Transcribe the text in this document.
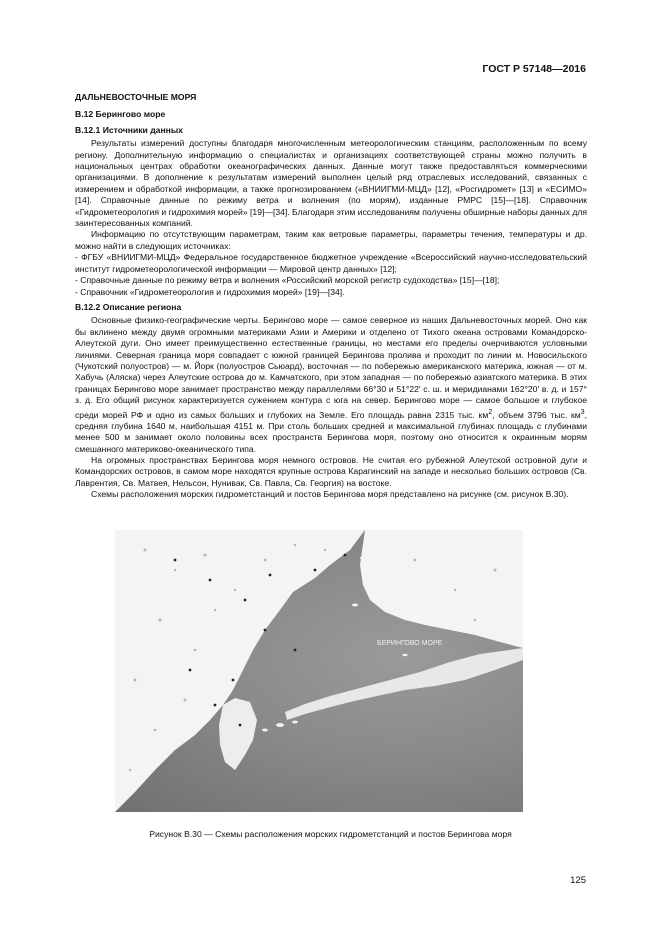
ГОСТ Р 57148—2016
ДАЛЬНЕВОСТОЧНЫЕ МОРЯ
В.12 Берингово море
В.12.1 Источники данных

Результаты измерений доступны благодаря многочисленным метеорологическим станциям, расположенным по всему региону. Дополнительную информацию о специалистах и организациях соответствующей страны можно получить в национальных центрах обработки океанографических данных. Данные могут также предоставляться коммерческими организациями. В дополнение к результатам измерений выполнен целый ряд отраслевых исследований, связанных с измерением и обработкой информации, а также прогнозированием («ВНИИГМИ-МЦД» [12], «Росгидромет» [13] и «ЕСИМО» [14]. Справочные данные по режиму ветра и волнения (по морям), изданные РМРС [15]—[18]. Справочник «Гидрометеорология и гидрохимия морей» [19]—[34]. Благодаря этим исследованиям получены обширные наборы данных для заинтересованных компаний.

Информацию по отсутствующим параметрам, таким как ветровые параметры, параметры течения, температуры и др. можно найти в следующих источниках:

- ФГБУ «ВНИИГМИ-МЦД» Федеральное государственное бюджетное учреждение «Всероссийский научно-исследовательский институт гидрометеорологической информации — Мировой центр данных» [12];

- Справочные данные по режиму ветра и волнения «Российский морской регистр судоходства» [15]—[18];

- Справочник «Гидрометеорология и гидрохимия морей» [19]—[34].

В.12.2 Описание региона

Основные физико-географические черты. Берингово море — самое северное из наших Дальневосточных морей. Оно как бы вклинено между двумя огромными материками Азии и Америки и отделено от Тихого океана островами Командорско-Алеутской дуги. Оно имеет преимущественно естественные границы, но местами его пределы очерчиваются условными линиями. Северная граница моря совпадает с южной границей Берингова пролива и проходит по линии м. Новосильского (Чукотский полуостров) — м. Йорк (полуостров Сьюард), восточная — по побережью американского материка, южная — от м. Хабучь (Аляска) через Алеутские острова до м. Камчатского, при этом западная — по побережью азиатского материка. В этих границах Берингово море занимает пространство между параллелями 66°30 и 51°22' с. ш. и меридианами 162°20' в. д. и 157° з. д. Его общий рисунок характеризуется сужением контура с юга на север. Берингово море — самое большое и глубокое среди морей РФ и одно из самых больших и глубоких на Земле. Его площадь равна 2315 тыс. $км^2$, объем 3796 тыс. $км^3$, средняя глубина 1640 м, наибольшая 4151 м. При столь больших средней и максимальной глубинах площадь с глубинами менее 500 м занимает около половины всех пространств Берингова моря, поэтому оно относится к окраинным морям смешанного материково-океанического типа.

На огромных пространствах Берингова моря немного островов. Не считая его рубежной Алеутской островной дуги и Командорских островов, в самом море находятся крупные острова Карагинский на западе и несколько больших островов (Св. Лаврентия, Св. Матвея, Нельсон, Нунивак, Св. Павла, Св. Георгия) на востоке.

Схемы расположения морских гидрометстанций и постов Берингова моря представлено на рисунке (см. рисунок В.30).

БЕРИНГОВО МОРЕ
Рисунок В.30 — Схемы расположения морских гидрометстанций и постов Берингова моря
125
